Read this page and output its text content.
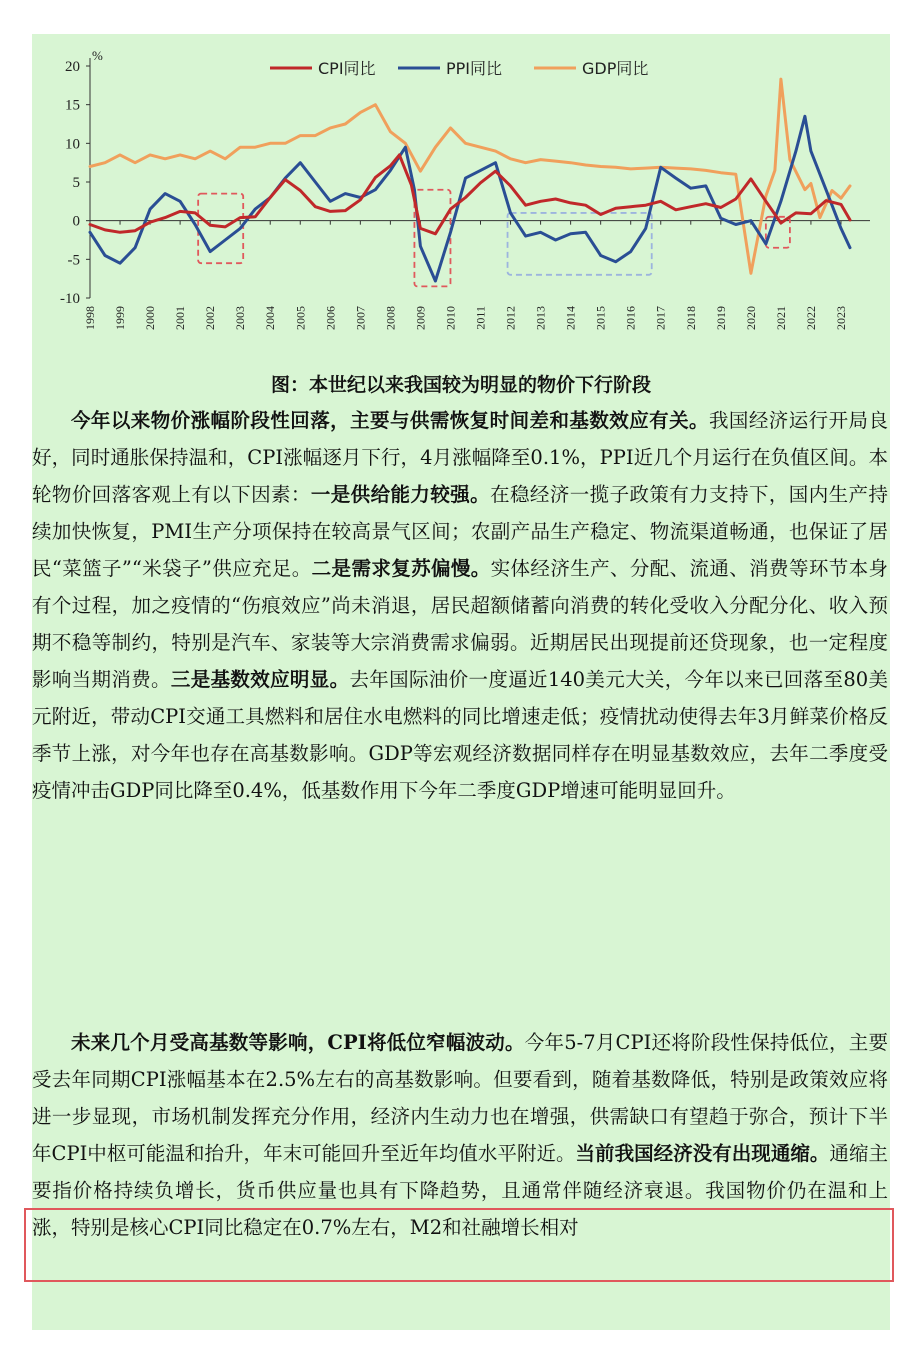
-10
-5
0
5
10
15
20
%
1998 1999 2000 2001 2002 2003 2004 2005 2006 2007 2008 2009 2010 2011 2012 2013 2014 2015 2016 2017 2018 2019 2020 2021 2022 2023
CPI同比	PPI同比	GDP同比
图：本世纪以来我国较为明显的物价下行阶段
今年以来物价涨幅阶段性回落，主要与供需恢复时间差和基数效应有关。我国经济运行开局良好，同时通胀保持温和，CPI涨幅逐月下行，4月涨幅降至0.1%，PPI近几个月运行在负值区间。本轮物价回落客观上有以下因素：一是供给能力较强。在稳经济一揽子政策有力支持下，国内生产持续加快恢复，PMI生产分项保持在较高景气区间；农副产品生产稳定、物流渠道畅通，也保证了居民“菜篮子”“米袋子”供应充足。二是需求复苏偏慢。实体经济生产、分配、流通、消费等环节本身有个过程，加之疫情的“伤痕效应”尚未消退，居民超额储蓄向消费的转化受收入分配分化、收入预期不稳等制约，特别是汽车、家装等大宗消费需求偏弱。近期居民出现提前还贷现象，也一定程度影响当期消费。三是基数效应明显。去年国际油价一度逼近140美元大关，今年以来已回落至80美元附近，带动CPI交通工具燃料和居住水电燃料的同比增速走低；疫情扰动使得去年3月鲜菜价格反季节上涨，对今年也存在高基数影响。GDP等宏观经济数据同样存在明显基数效应，去年二季度受疫情冲击GDP同比降至0.4%，低基数作用下今年二季度GDP增速可能明显回升。
未来几个月受高基数等影响，CPI将低位窄幅波动。今年5-7月CPI还将阶段性保持低位，主要受去年同期CPI涨幅基本在2.5%左右的高基数影响。但要看到，随着基数降低，特别是政策效应将进一步显现，市场机制发挥充分作用，经济内生动力也在增强，供需缺口有望趋于弥合，预计下半年CPI中枢可能温和抬升，年末可能回升至近年均值水平附近。当前我国经济没有出现通缩。通缩主要指价格持续负增长，货币供应量也具有下降趋势，且通常伴随经济衰退。我国物价仍在温和上涨，特别是核心CPI同比稳定在0.7%左右，M2和社融增长相对
